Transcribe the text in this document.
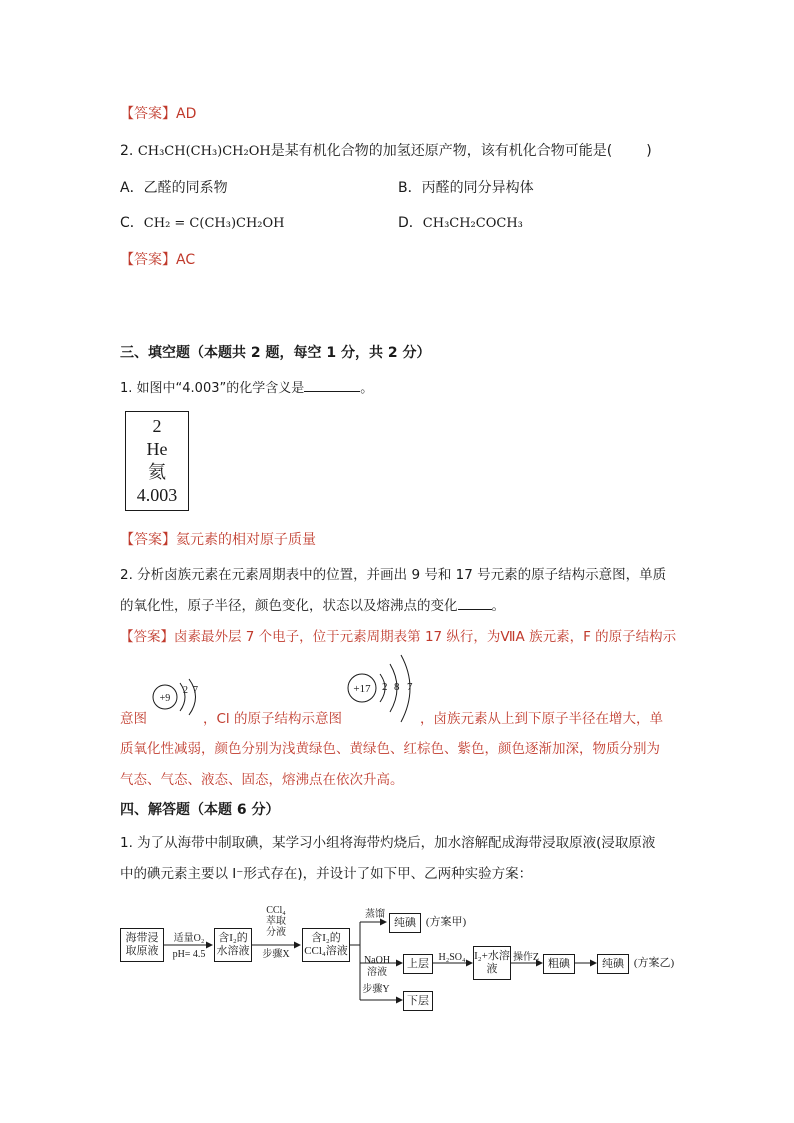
【答案】AD
2. CH₃CH(CH₃)CH₂OH是某有机化合物的加氢还原产物，该有机化合物可能是( )
A．乙醛的同系物	B．丙醛的同分异构体
C．CH₂ = C(CH₃)CH₂OH	D．CH₃CH₂COCH₃
【答案】AC
三、填空题（本题共 2 题，每空 1 分，共 2 分）
1. 如图中“4.003”的化学含义是	。
2
He
氦
4.003
【答案】氦元素的相对原子质量
2. 分析卤族元素在元素周期表中的位置，并画出 9 号和 17 号元素的原子结构示意图，单质
的氧化性，原子半径，颜色变化，状态以及熔沸点的变化	。
【答案】卤素最外层 7 个电子，位于元素周期表第 17 纵行，为ⅦA 族元素，F 的原子结构示
+9
2 7	+17 2 8 7
意图	，Cl 的原子结构示意图	，卤族元素从上到下原子半径在增大，单
质氧化性减弱，颜色分别为浅黄绿色、黄绿色、红棕色、紫色，颜色逐渐加深，物质分别为
气态、气态、液态、固态，熔沸点在依次升高。
四、解答题（本题 6 分）
1. 为了从海带中制取碘，某学习小组将海带灼烧后，加水溶解配成海带浸取原液(浸取原液
中的碘元素主要以 I⁻形式存在)，并设计了如下甲、乙两种实验方案：
海带浸取原液
适量O₂
pH= 4.5
含I₂的水溶液
CCl₄
萃取
分液
步骤X
含I₂的CCl₄溶液
蒸馏
纯碘 (方案甲)
NaOH
溶液
步骤Y
上层 H₂SO₄ I₂+水溶液
操作Z 粗碘	纯碘 (方案乙)
下层
